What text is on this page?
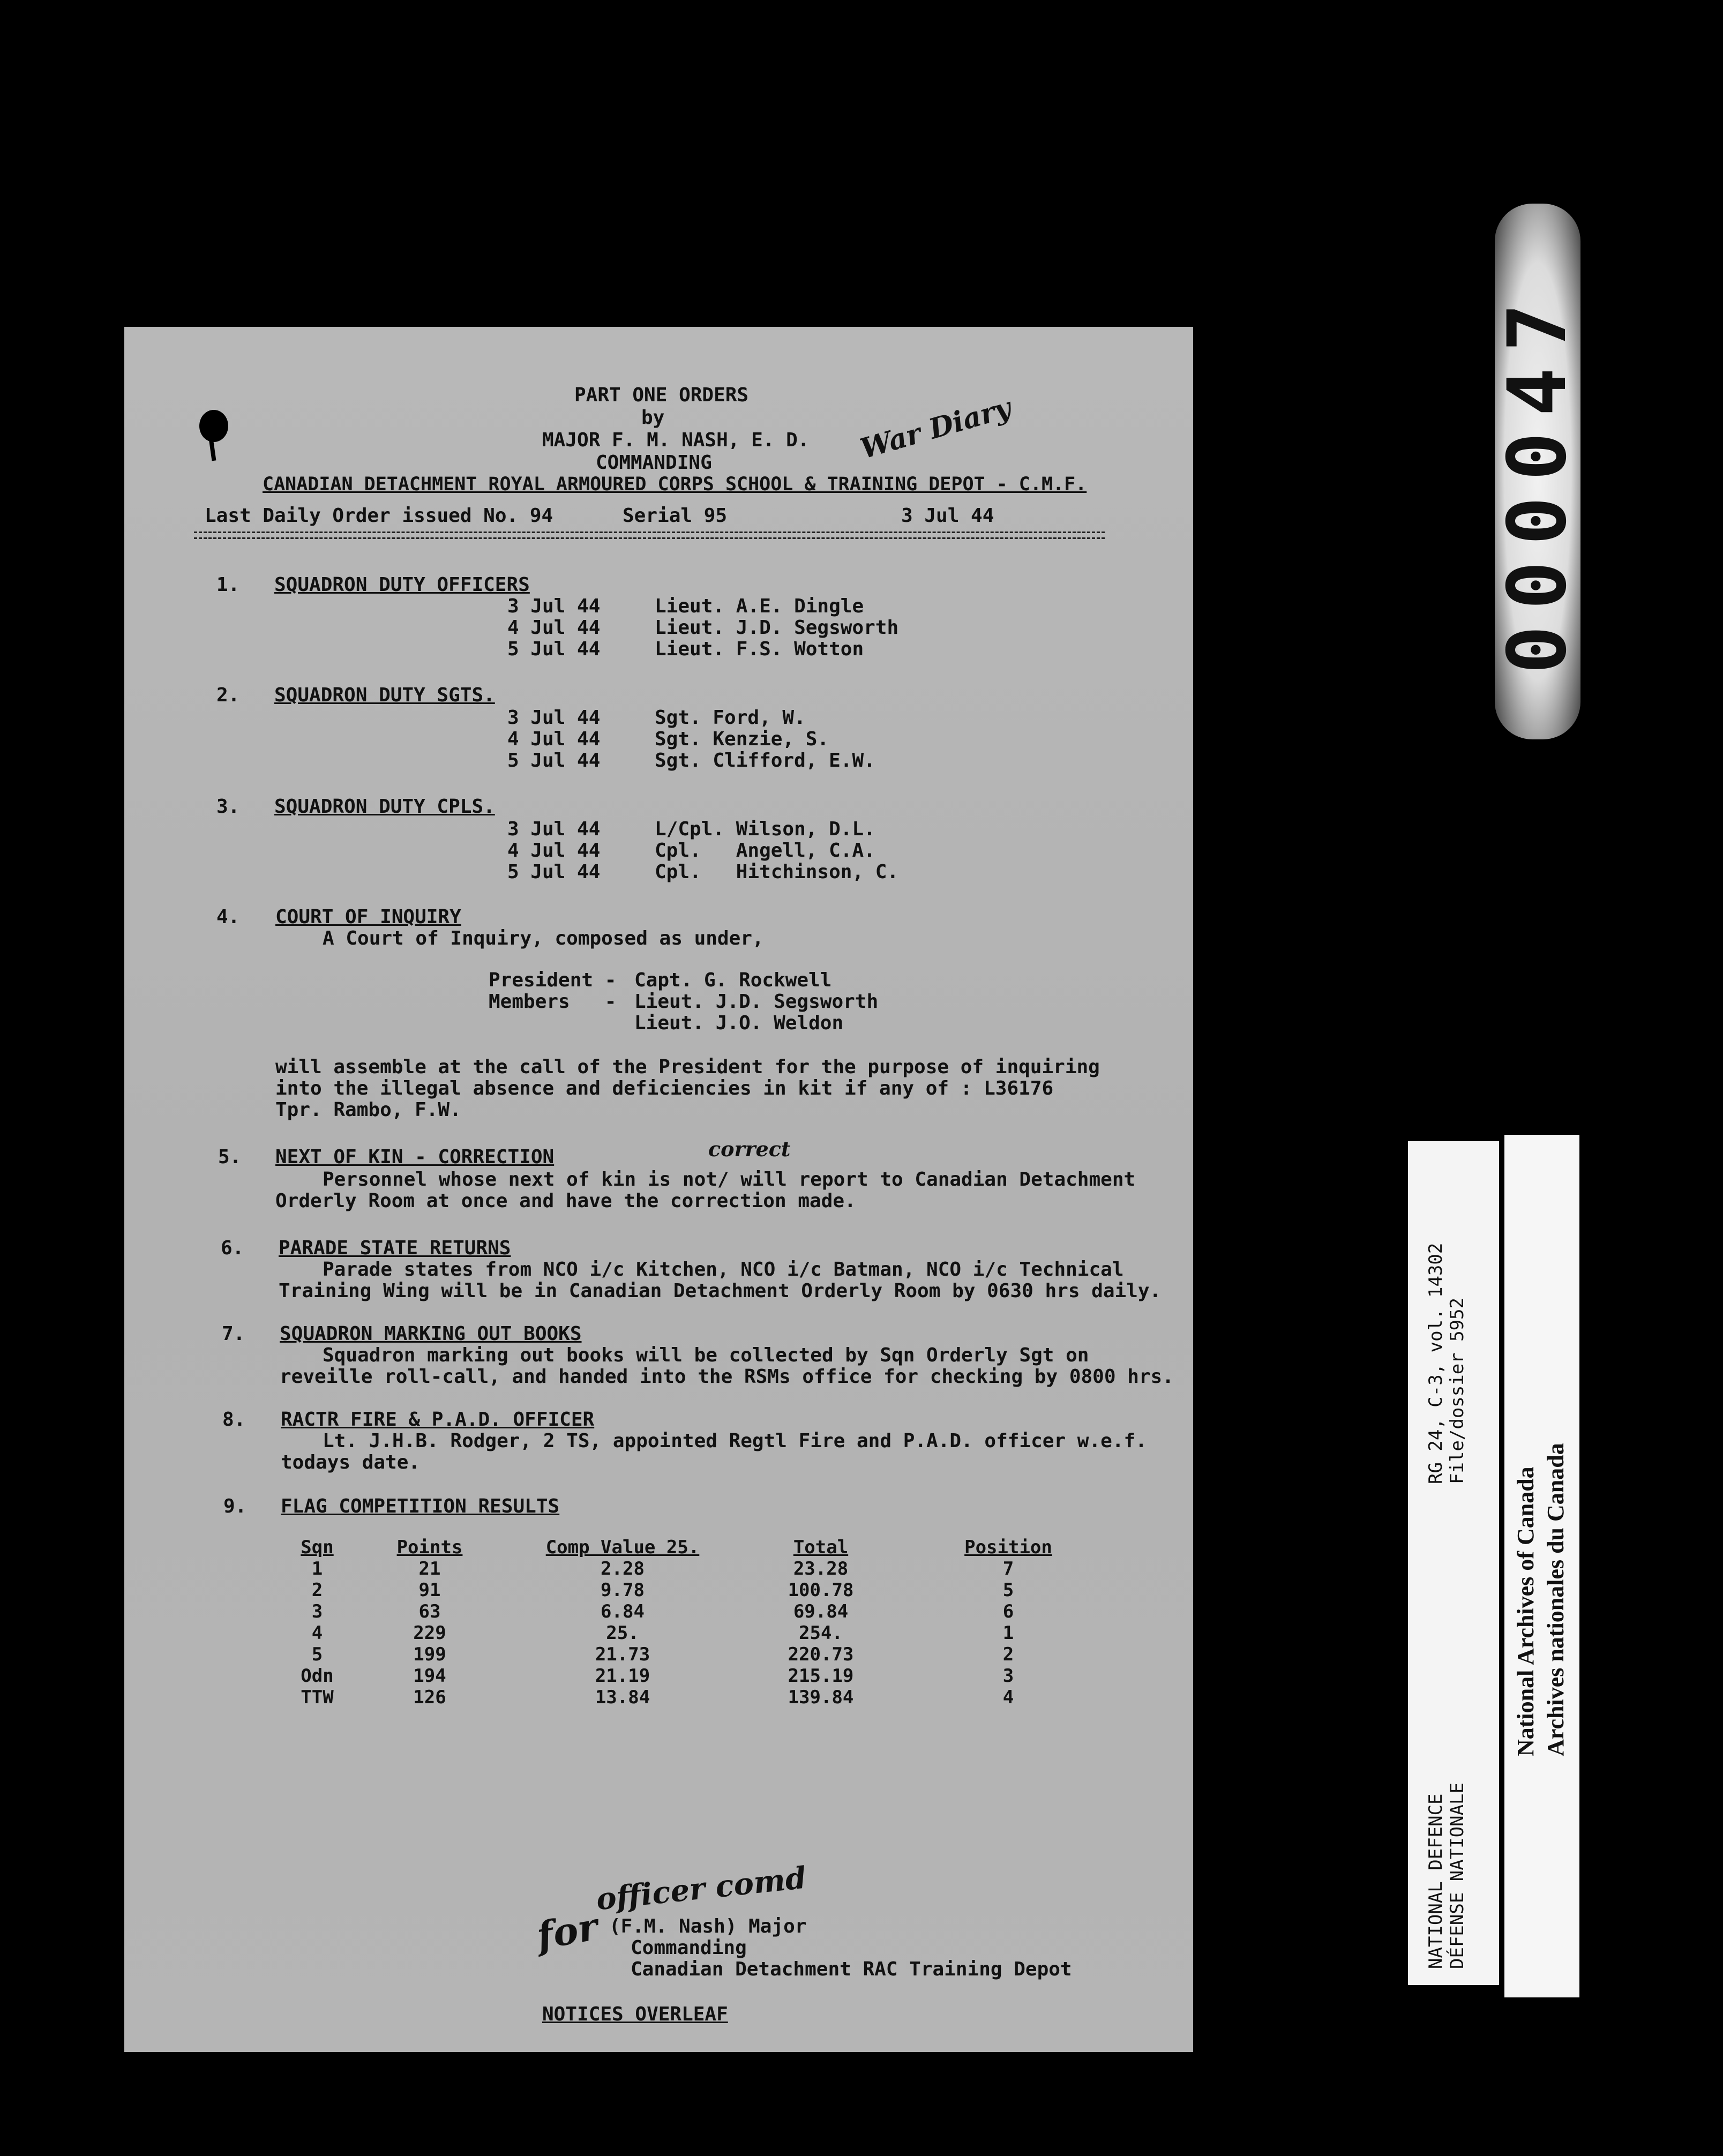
PART ONE ORDERS
by
MAJOR F. M. NASH, E. D.
COMMANDING
CANADIAN DETACHMENT ROYAL ARMOURED CORPS SCHOOL & TRAINING DEPOT - C.M.F.
War Diary
Last Daily Order issued No. 94	Serial 95	3 Jul 44
1. SQUADRON DUTY OFFICERS
3 Jul 44	Lieut. A.E. Dingle
4 Jul 44	Lieut. J.D. Segsworth
5 Jul 44	Lieut. F.S. Wotton
2. SQUADRON DUTY SGTS.
3 Jul 44	Sgt. Ford, W.
4 Jul 44	Sgt. Kenzie, S.
5 Jul 44	Sgt. Clifford, E.W.
3. SQUADRON DUTY CPLS.
3 Jul 44	L/Cpl. Wilson, D.L.
4 Jul 44	Cpl.   Angell, C.A.
5 Jul 44	Cpl.   Hitchinson, C.
4. COURT OF INQUIRY
A Court of Inquiry, composed as under,
President - Capt. G. Rockwell
Members   - Lieut. J.D. Segsworth
Lieut. J.O. Weldon
will assemble at the call of the President for the purpose of inquiring
into the illegal absence and deficiencies in kit if any of : L36176
Tpr. Rambo, F.W.
5. NEXT OF KIN - CORRECTION	correct
Personnel whose next of kin is not/ will report to Canadian Detachment
Orderly Room at once and have the correction made.
6. PARADE STATE RETURNS
Parade states from NCO i/c Kitchen, NCO i/c Batman, NCO i/c Technical
Training Wing will be in Canadian Detachment Orderly Room by 0630 hrs daily.
7. SQUADRON MARKING OUT BOOKS
Squadron marking out books will be collected by Sqn Orderly Sgt on
reveille roll-call, and handed into the RSMs office for checking by 0800 hrs.
8. RACTR FIRE & P.A.D. OFFICER
Lt. J.H.B. Rodger, 2 TS, appointed Regtl Fire and P.A.D. officer w.e.f.
todays date.
9. FLAG COMPETITION RESULTS
Sqn	Points	Comp Value 25.	Total	Position
1	21	2.28	23.28	7
2	91	9.78	100.78	5
3	63	6.84	69.84	6
4	229	25.	254.	1
5	199	21.73	220.73	2
Odn	194	21.19	215.19	3
TTW	126	13.84	139.84	4
officer comd
for (F.M. Nash) Major
Commanding
Canadian Detachment RAC Training Depot
NOTICES OVERLEAF
000047
RG 24, C-3, vol. 14302 File/dossier 5952
NATIONAL DEFENCE DÉFENSE NATIONALE
National Archives of Canada Archives nationales du Canada
